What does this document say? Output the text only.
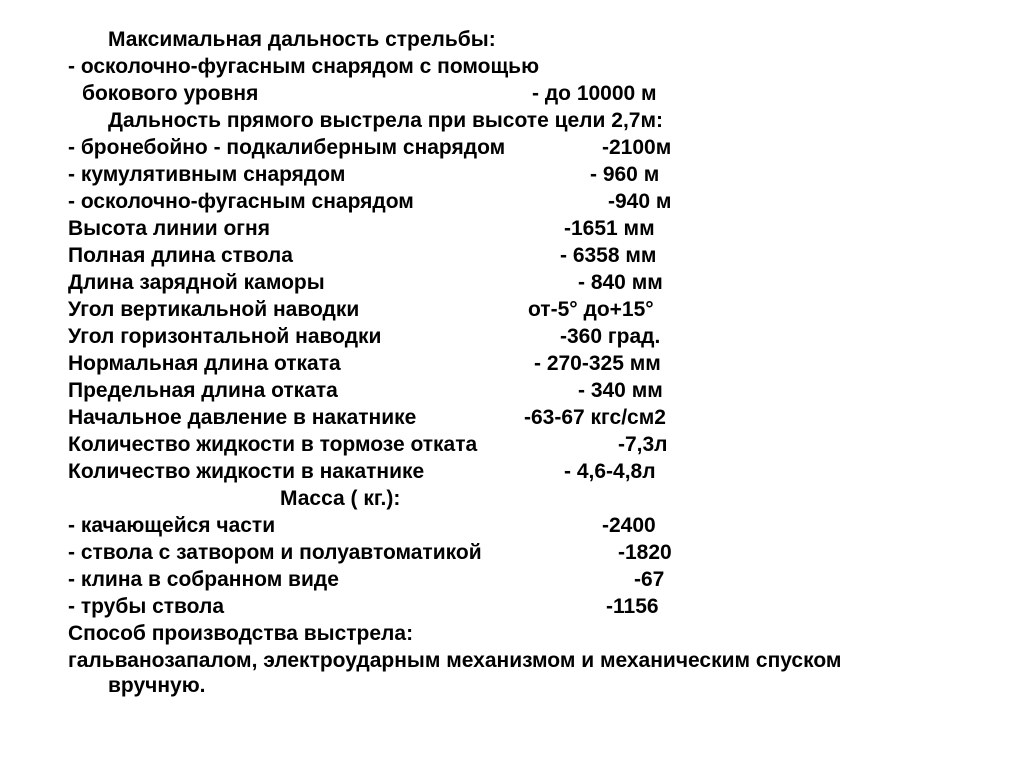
Максимальная дальность стрельбы:
- осколочно-фугасным снарядом с помощью
бокового уровня	- до 10000 м
Дальность прямого выстрела при высоте цели 2,7м:
- бронебойно - подкалиберным снарядом	-2100м
- кумулятивным снарядом	- 960 м
- осколочно-фугасным снарядом	-940 м
Высота линии огня	-1651 мм
Полная длина ствола	- 6358 мм
Длина зарядной каморы	- 840 мм
Угол вертикальной наводки	от-5° до+15°
Угол горизонтальной наводки	-360 град.
Нормальная длина отката	- 270-325 мм
Предельная длина отката	- 340 мм
Начальное давление в накатнике	-63-67 кгс/см2
Количество жидкости в тормозе отката	-7,3л
Количество жидкости в накатнике	- 4,6-4,8л
Масса ( кг.):
- качающейся части	-2400
- ствола с затвором и полуавтоматикой	-1820
- клина в собранном виде	-67
- трубы ствола	-1156
Способ производства выстрела:
гальванозапалом, электроударным механизмом и механическим спуском
вручную.
